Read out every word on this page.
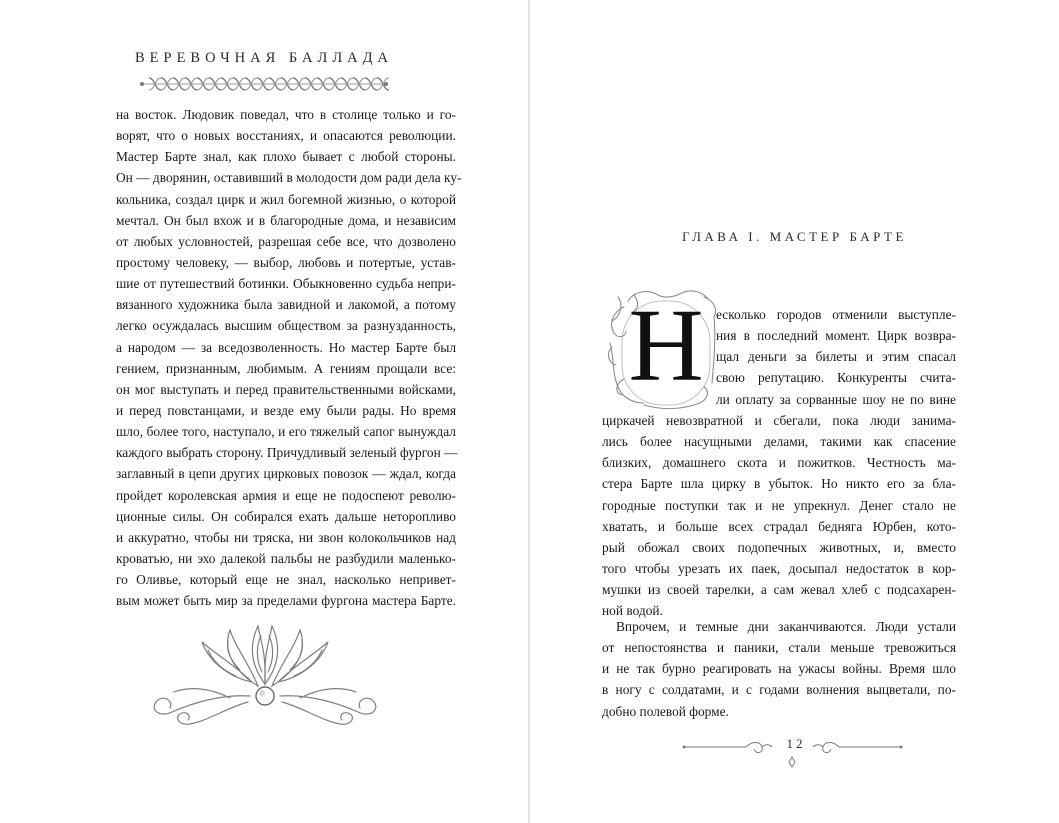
ВЕРЕВОЧНАЯ БАЛЛАДА
на восток. Людовик поведал, что в столице только и го-
ворят, что о новых восстаниях, и опасаются революции.
Мастер Барте знал, как плохо бывает с любой стороны.
Он — дворянин, оставивший в молодости дом ради дела ку-
кольника, создал цирк и жил богемной жизнью, о которой
мечтал. Он был вхож и в благородные дома, и независим
от любых условностей, разрешая себе все, что дозволено
простому человеку, — выбор, любовь и потертые, устав-
шие от путешествий ботинки. Обыкновенно судьба непри-
вязанного художника была завидной и лакомой, а потому
легко осуждалась высшим обществом за разнузданность,
а народом — за вседозволенность. Но мастер Барте был
гением, признанным, любимым. А гениям прощали все:
он мог выступать и перед правительственными войсками,
и перед повстанцами, и везде ему были рады. Но время
шло, более того, наступало, и его тяжелый сапог вынуждал
каждого выбрать сторону. Причудливый зеленый фургон —
заглавный в цепи других цирковых повозок — ждал, когда
пройдет королевская армия и еще не подоспеют револю-
ционные силы. Он собирался ехать дальше неторопливо
и аккуратно, чтобы ни тряска, ни звон колокольчиков над
кроватью, ни эхо далекой пальбы не разбудили маленько-
го Оливье, который еще не знал, насколько непривет-
вым может быть мир за пределами фургона мастера Барте.
ГЛАВА I. МАСТЕР БАРТЕ
Н есколько городов отменили выступле-
ния в последний момент. Цирк возвра-
щал деньги за билеты и этим спасал
свою репутацию. Конкуренты счита-
ли оплату за сорванные шоу не по вине
циркачей невозвратной и сбегали, пока люди занима-
лись более насущными делами, такими как спасение
близких, домашнего скота и пожитков. Честность ма-
стера Барте шла цирку в убыток. Но никто его за бла-
городные поступки так и не упрекнул. Денег стало не
хватать, и больше всех страдал бедняга Юрбен, кото-
рый обожал своих подопечных животных, и, вместо
того чтобы урезать их паек, досыпал недостаток в кор-
мушки из своей тарелки, а сам жевал хлеб с подсахарен-
ной водой.
Впрочем, и темные дни заканчиваются. Люди устали
от непостоянства и паники, стали меньше тревожиться
и не так бурно реагировать на ужасы войны. Время шло
в ногу с солдатами, и с годами волнения выцветали, по-
добно полевой форме.
12
